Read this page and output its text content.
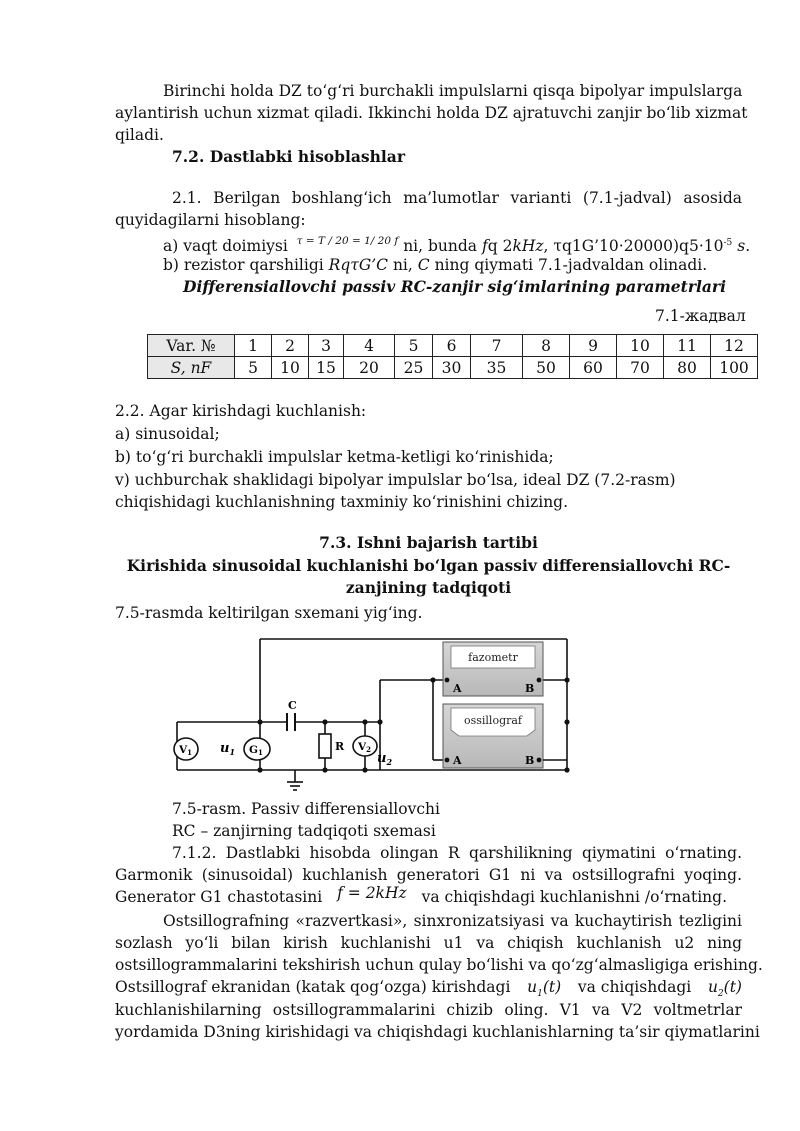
Birinchi holda DZ to‘g‘ri burchakli impulslarni qisqa bipolyar impulslarga
aylantirish uchun xizmat qiladi. Ikkinchi holda DZ ajratuvchi zanjir bo‘lib xizmat
qiladi.
7.2. Dastlabki hisoblashlar
2.1. Berilgan boshlang‘ich ma’lumotlar varianti (7.1-jadval) asosida
quyidagilarni hisoblang:
a) vaqt doimiysi $^{\tau = T / 20 = 1/ 20 f}$ ni, bunda fq 2kHz, $\tau q1G’10\cdot 20000)q5\cdot 10^{-5}$ s.
b) rezistor qarshiligi RqτG’C ni, C ning qiymati 7.1-jadvaldan olinadi.
Differensiallovchi passiv RC-zanjir sig‘imlarining parametrlari
7.1-жадвал
Var. №	1	2	3	4	5	6	7	8	9	10	11	12
S, nF	5	10	15	20	25	30	35	50	60	70	80	100
2.2. Agar kirishdagi kuchlanish:
a) sinusoidal;
b) to‘g‘ri burchakli impulslar ketma-ketligi ko‘rinishida;
v) uchburchak shaklidagi bipolyar impulslar bo‘lsa, ideal DZ (7.2-rasm)
chiqishidagi kuchlanishning taxminiy ko‘rinishini chizing.
7.3. Ishni bajarish tartibi
Kirishida sinusoidal kuchlanishi bo‘lgan passiv differensiallovchi RC-
zanjining tadqiqoti
7.5-rasmda keltirilgan sxemani yig‘ing.
C
R
V1 $u_1$ G1	V2
$u_2$
fazometr
A	B
ossillograf
A	B
7.5-rasm. Passiv differensiallovchi
RC – zanjirning tadqiqoti sxemasi
7.1.2. Dastlabki hisobda olingan R qarshilikning qiymatini o‘rnating.
Garmonik (sinusoidal) kuchlanish generatori G1 ni va ostsillografni yoqing.
Generator G1 chastotasini f = 2kHz va chiqishdagi kuchlanishni /o‘rnating.
Ostsillografning «razvertkasi», sinxronizatsiyasi va kuchaytirish tezligini
sozlash yo‘li bilan kirish kuchlanishi u1 va chiqish kuchlanish u2 ning
ostsillogrammalarini tekshirish uchun qulay bo‘lishi va qo‘zg‘almasligiga erishing.
Ostsillograf ekranidan (katak qog‘ozga) kirishdagi $u_1(t)$ va chiqishdagi $u_2(t)$
kuchlanishilarning ostsillogrammalarini chizib oling. V1 va V2 voltmetrlar
yordamida D3ning kirishidagi va chiqishdagi kuchlanishlarning ta’sir qiymatlarini
